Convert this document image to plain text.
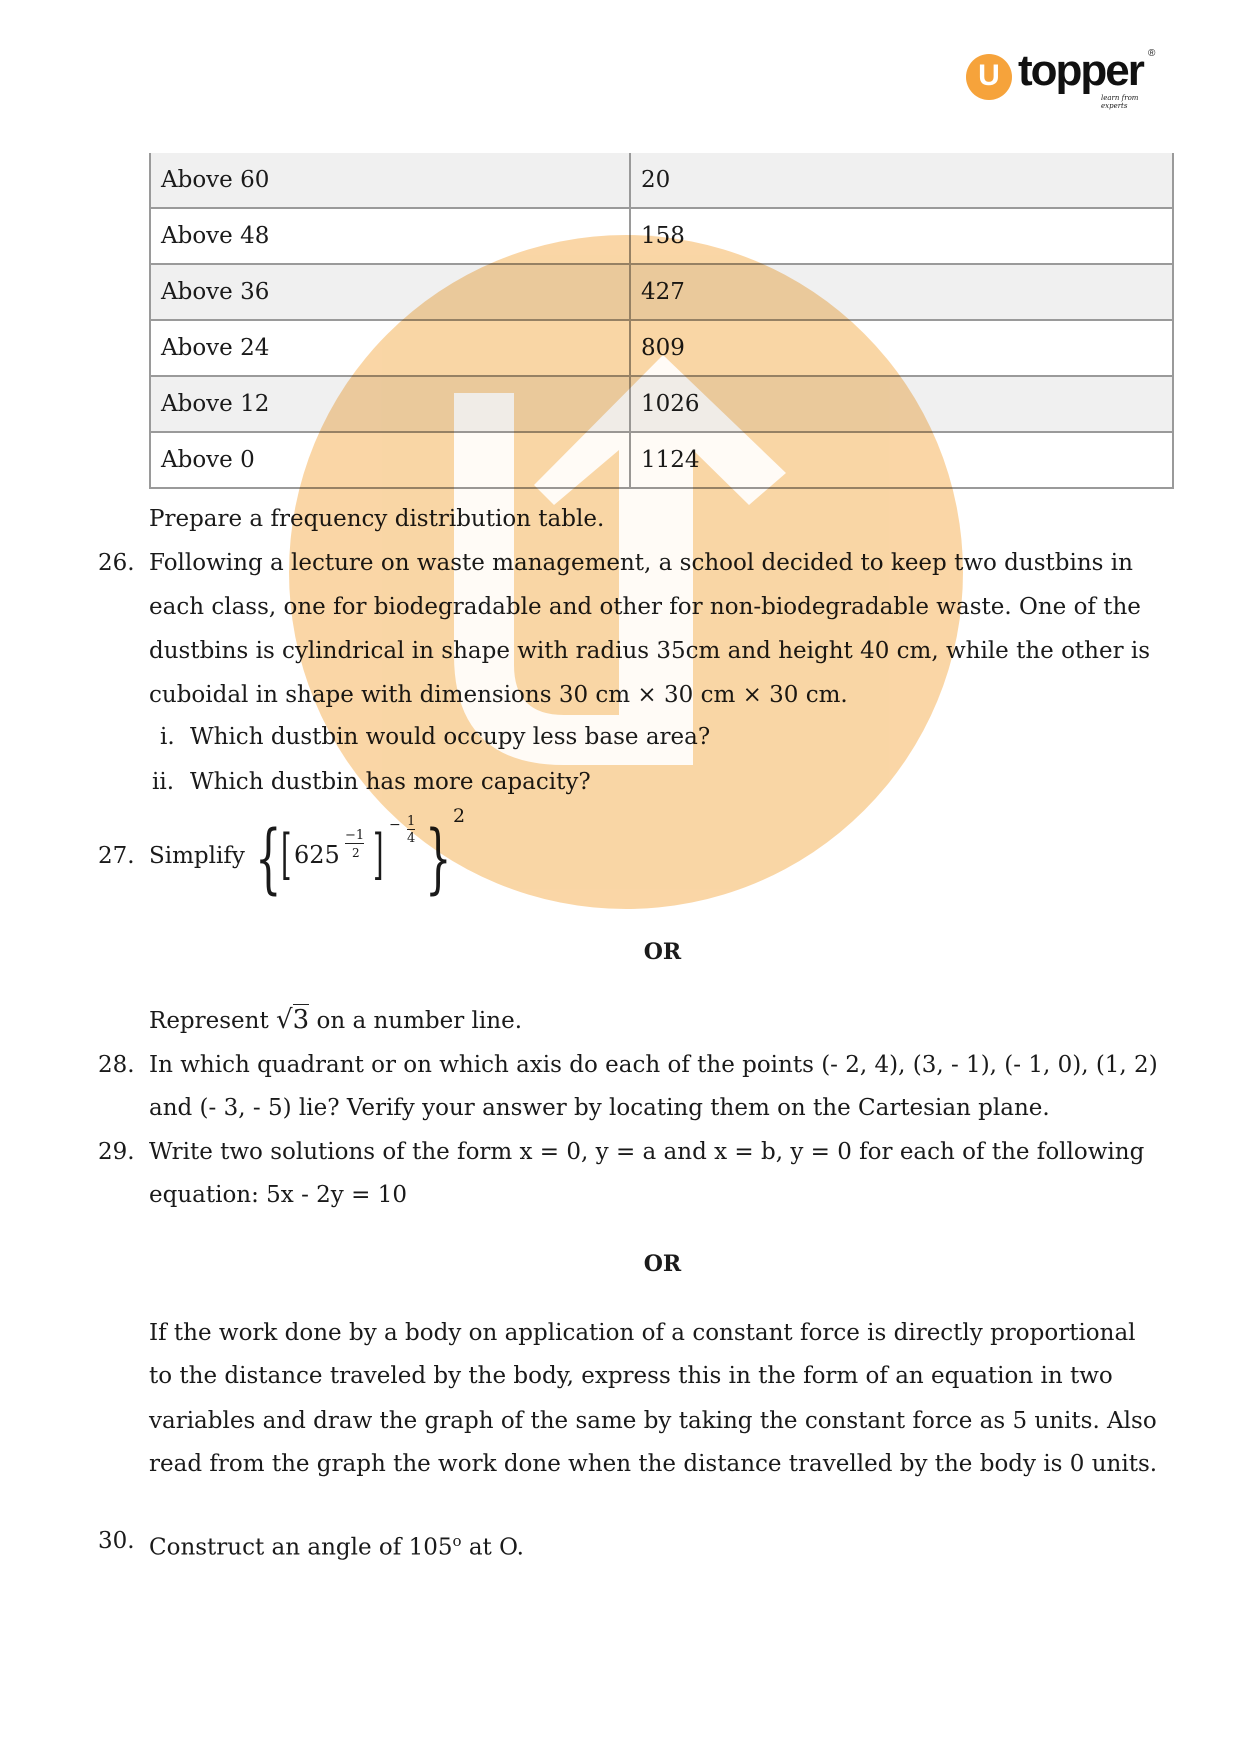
U topper ®
learn from experts
Above 60	20
Above 48	158
Above 36	427
Above 24	809
Above 12	1026
Above 0	1124
Prepare a frequency distribution table.
26. Following a lecture on waste management, a school decided to keep two dustbins in
each class, one for biodegradable and other for non-biodegradable waste. One of the
dustbins is cylindrical in shape with radius 35cm and height 40 cm, while the other is
cuboidal in shape with dimensions 30 cm × 30 cm × 30 cm.
i. Which dustbin would occupy less base area?
ii. Which dustbin has more capacity?
27. Simplify { [ 625
−1
2 ] − 1
4 } 2
OR
Represent √3 on a number line.
28. In which quadrant or on which axis do each of the points (- 2, 4), (3, - 1), (- 1, 0), (1, 2)
and (- 3, - 5) lie? Verify your answer by locating them on the Cartesian plane.
29. Write two solutions of the form x = 0, y = a and x = b, y = 0 for each of the following
equation: 5x - 2y = 10
OR
If the work done by a body on application of a constant force is directly proportional
to the distance traveled by the body, express this in the form of an equation in two
variables and draw the graph of the same by taking the constant force as 5 units. Also
read from the graph the work done when the distance travelled by the body is 0 units.
30. Construct an angle of 105$^o$ at O.
